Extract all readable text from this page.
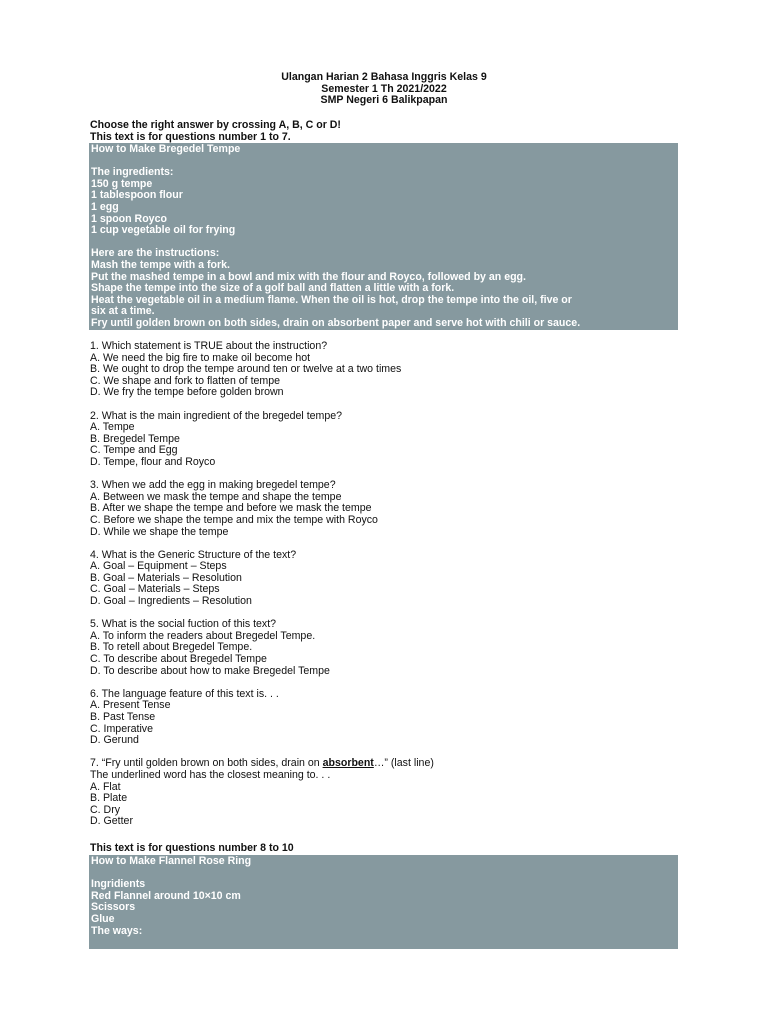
Ulangan Harian 2 Bahasa Inggris Kelas 9
Semester 1 Th 2021/2022
SMP Negeri 6 Balikpapan
Choose the right answer by crossing A, B, C or D!
This text is for questions number 1 to 7.
How to Make Bregedel Tempe
The ingredients:
150 g tempe
1 tablespoon flour
1 egg
1 spoon Royco
1 cup vegetable oil for frying
Here are the instructions:
Mash the tempe with a fork.
Put the mashed tempe in a bowl and mix with the flour and Royco, followed by an egg.
Shape the tempe into the size of a golf ball and flatten a little with a fork.
Heat the vegetable oil in a medium flame. When the oil is hot, drop the tempe into the oil, five or
six at a time.
Fry until golden brown on both sides, drain on absorbent paper and serve hot with chili or sauce.
1. Which statement is TRUE about the instruction?
A. We need the big fire to make oil become hot
B. We ought to drop the tempe around ten or twelve at a two times
C. We shape and fork to flatten of tempe
D. We fry the tempe before golden brown
2. What is the main ingredient of the bregedel tempe?
A. Tempe
B. Bregedel Tempe
C. Tempe and Egg
D. Tempe, flour and Royco
3. When we add the egg in making bregedel tempe?
A. Between we mask the tempe and shape the tempe
B. After we shape the tempe and before we mask the tempe
C. Before we shape the tempe and mix the tempe with Royco
D. While we shape the tempe
4. What is the Generic Structure of the text?
A. Goal – Equipment – Steps
B. Goal – Materials – Resolution
C. Goal – Materials – Steps
D. Goal – Ingredients – Resolution
5. What is the social fuction of this text?
A. To inform the readers about Bregedel Tempe.
B. To retell about Bregedel Tempe.
C. To describe about Bregedel Tempe
D. To describe about how to make Bregedel Tempe
6. The language feature of this text is. . .
A. Present Tense
B. Past Tense
C. Imperative
D. Gerund
7. “Fry until golden brown on both sides, drain on absorbent…” (last line)
The underlined word has the closest meaning to. . .
A. Flat
B. Plate
C. Dry
D. Getter
This text is for questions number 8 to 10
How to Make Flannel Rose Ring
Ingridients
Red Flannel around 10×10 cm
Scissors
Glue
The ways:
